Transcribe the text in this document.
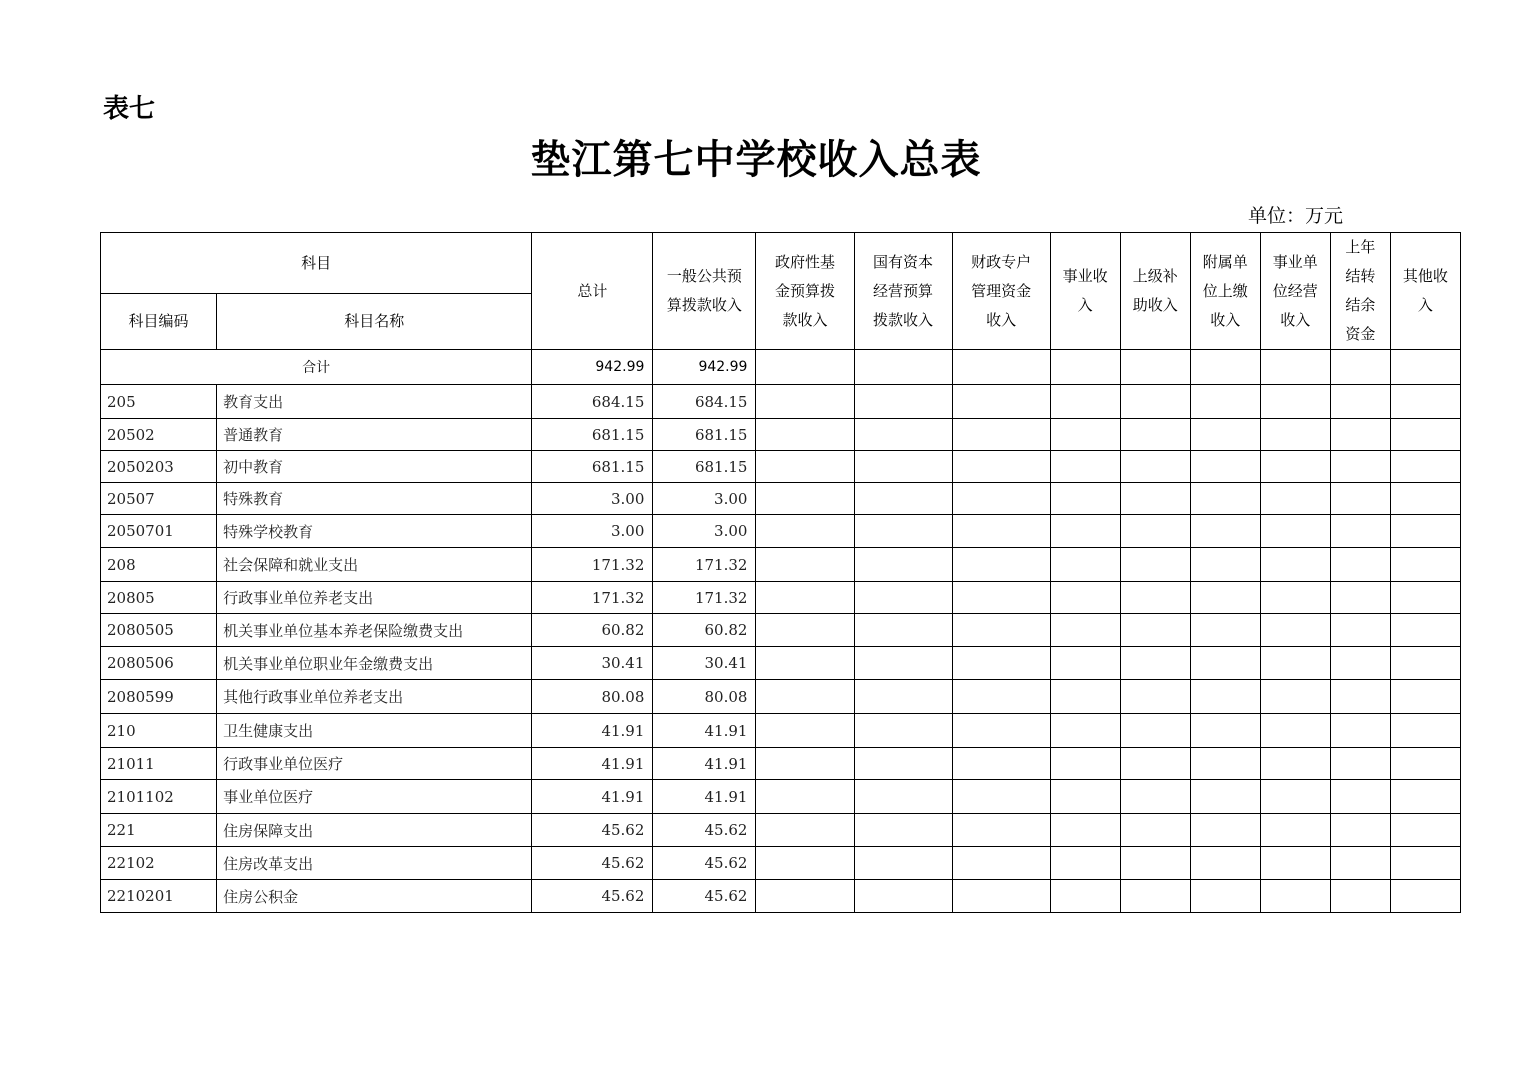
表七
垫江第七中学校收入总表
单位：万元
科目		总计	一般公共预算拨款收入	政府性基金预算拨款收入	国有资本经营预算拨款收入	财政专户管理资金收入	事业收入	上级补助收入	附属单位上缴收入	事业单位经营收入	上年结转结余资金	其他收入
科目编码	科目名称											
合计		942.99	942.99									
205	教育支出	684.15	684.15									
20502	普通教育	681.15	681.15									
2050203	初中教育	681.15	681.15									
20507	特殊教育	3.00	3.00									
2050701	特殊学校教育	3.00	3.00									
208	社会保障和就业支出	171.32	171.32									
20805	行政事业单位养老支出	171.32	171.32									
2080505	机关事业单位基本养老保险缴费支出	60.82	60.82									
2080506	机关事业单位职业年金缴费支出	30.41	30.41									
2080599	其他行政事业单位养老支出	80.08	80.08									
210	卫生健康支出	41.91	41.91									
21011	行政事业单位医疗	41.91	41.91									
2101102	事业单位医疗	41.91	41.91									
221	住房保障支出	45.62	45.62									
22102	住房改革支出	45.62	45.62									
2210201	住房公积金	45.62	45.62									
